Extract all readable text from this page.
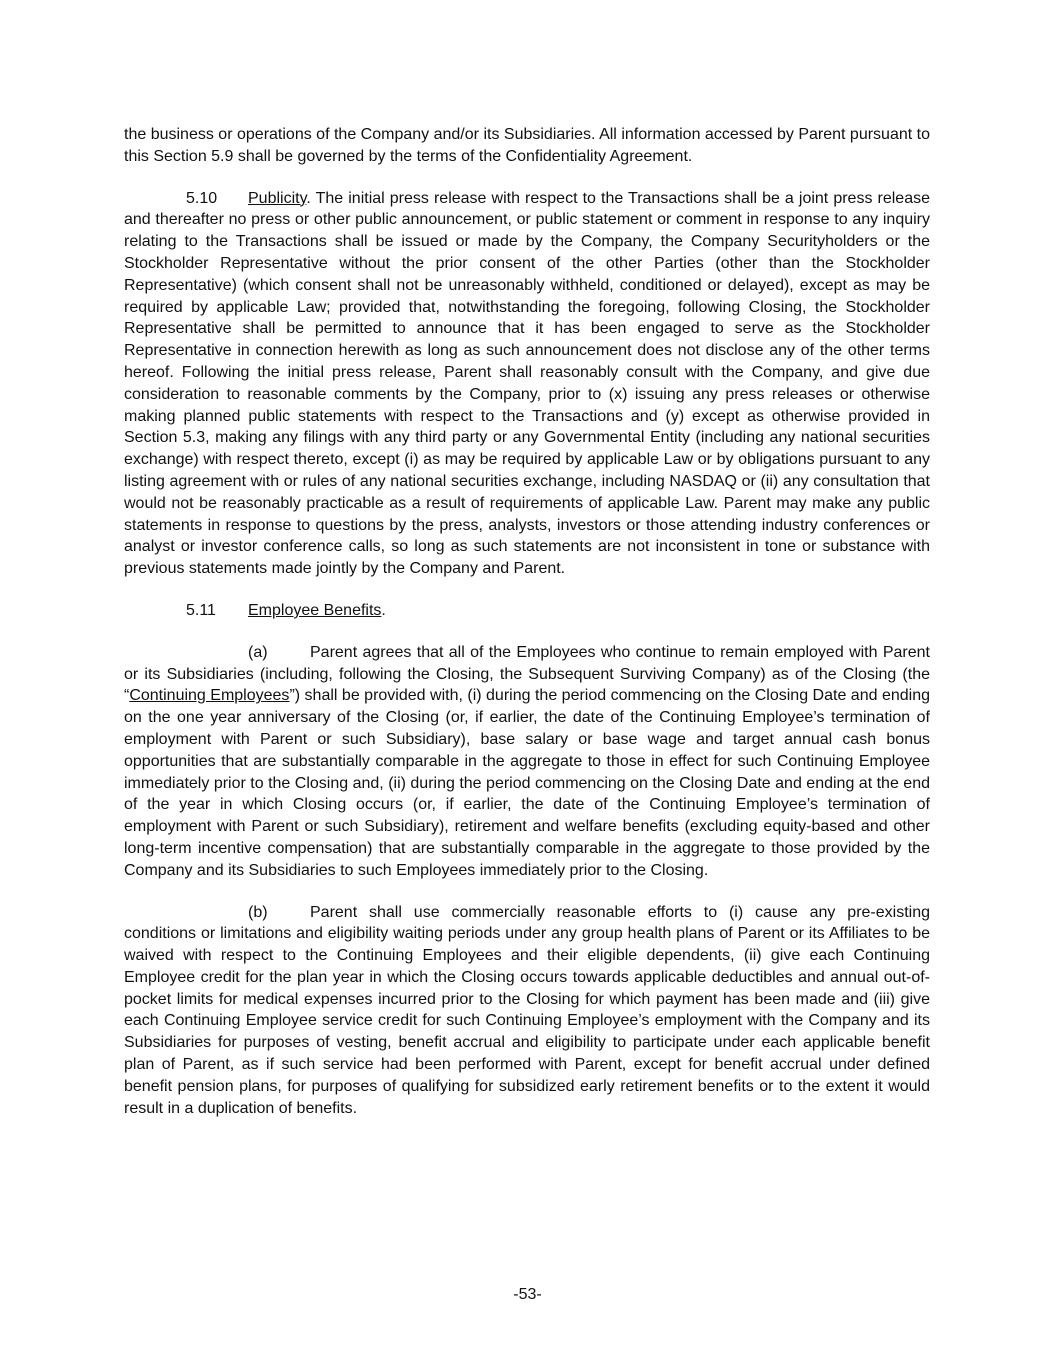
the business or operations of the Company and/or its Subsidiaries. All information accessed by Parent pursuant to this Section 5.9 shall be governed by the terms of the Confidentiality Agreement.

5.10 Publicity. The initial press release with respect to the Transactions shall be a joint press release and thereafter no press or other public announcement, or public statement or comment in response to any inquiry relating to the Transactions shall be issued or made by the Company, the Company Securityholders or the Stockholder Representative without the prior consent of the other Parties (other than the Stockholder Representative) (which consent shall not be unreasonably withheld, conditioned or delayed), except as may be required by applicable Law; provided that, notwithstanding the foregoing, following Closing, the Stockholder Representative shall be permitted to announce that it has been engaged to serve as the Stockholder Representative in connection herewith as long as such announcement does not disclose any of the other terms hereof. Following the initial press release, Parent shall reasonably consult with the Company, and give due consideration to reasonable comments by the Company, prior to (x) issuing any press releases or otherwise making planned public statements with respect to the Transactions and (y) except as otherwise provided in Section 5.3, making any filings with any third party or any Governmental Entity (including any national securities exchange) with respect thereto, except (i) as may be required by applicable Law or by obligations pursuant to any listing agreement with or rules of any national securities exchange, including NASDAQ or (ii) any consultation that would not be reasonably practicable as a result of requirements of applicable Law. Parent may make any public statements in response to questions by the press, analysts, investors or those attending industry conferences or analyst or investor conference calls, so long as such statements are not inconsistent in tone or substance with previous statements made jointly by the Company and Parent.

5.11 Employee Benefits.

(a)	Parent agrees that all of the Employees who continue to remain employed with Parent or its Subsidiaries (including, following the Closing, the Subsequent Surviving Company) as of the Closing (the “Continuing Employees”) shall be provided with, (i) during the period commencing on the Closing Date and ending on the one year anniversary of the Closing (or, if earlier, the date of the Continuing Employee’s termination of employment with Parent or such Subsidiary), base salary or base wage and target annual cash bonus opportunities that are substantially comparable in the aggregate to those in effect for such Continuing Employee immediately prior to the Closing and, (ii) during the period commencing on the Closing Date and ending at the end of the year in which Closing occurs (or, if earlier, the date of the Continuing Employee’s termination of employment with Parent or such Subsidiary), retirement and welfare benefits (excluding equity-based and other long-term incentive compensation) that are substantially comparable in the aggregate to those provided by the Company and its Subsidiaries to such Employees immediately prior to the Closing.

(b)	Parent shall use commercially reasonable efforts to (i) cause any pre-existing conditions or limitations and eligibility waiting periods under any group health plans of Parent or its Affiliates to be waived with respect to the Continuing Employees and their eligible dependents, (ii) give each Continuing Employee credit for the plan year in which the Closing occurs towards applicable deductibles and annual out-of-pocket limits for medical expenses incurred prior to the Closing for which payment has been made and (iii) give each Continuing Employee service credit for such Continuing Employee’s employment with the Company and its Subsidiaries for purposes of vesting, benefit accrual and eligibility to participate under each applicable benefit plan of Parent, as if such service had been performed with Parent, except for benefit accrual under defined benefit pension plans, for purposes of qualifying for subsidized early retirement benefits or to the extent it would result in a duplication of benefits.

-53-
